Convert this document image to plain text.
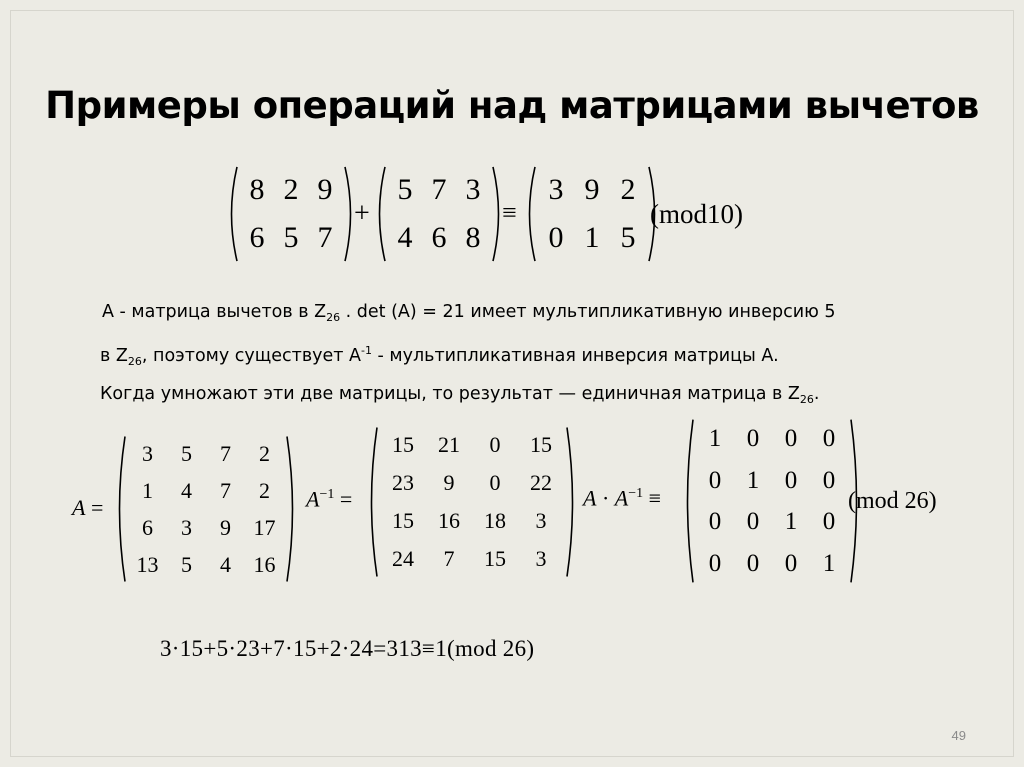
Примеры операций над матрицами вычетов
8 2 9
6 5 7
+
5 7 3
4 6 8
≡
3 9 2
0 1 5
(mod10)
A - матрица вычетов в $Z_{26}$ . det (A) = 21 имеет мультипликативную инверсию 5
в $Z_{26}$, поэтому существует $A^{-1}$ - мультипликативная инверсия матрицы A.
Когда умножают эти две матрицы, то результат — единичная матрица в $Z_{26}$.
A =
3 5 7 2
1 4 7 2
6 3 9 17
13 5 4 16
$A^{-1}$ =
15 21 0 15
23 9 0 22
15 16 18 3
24 7 15 3
$A \cdot A^{-1}$ ≡
1 0 0 0
0 1 0 0
0 0 1 0
0 0 0 1
(mod 26)
3·15+5·23+7·15+2·24=313≡1(mod 26)
49
